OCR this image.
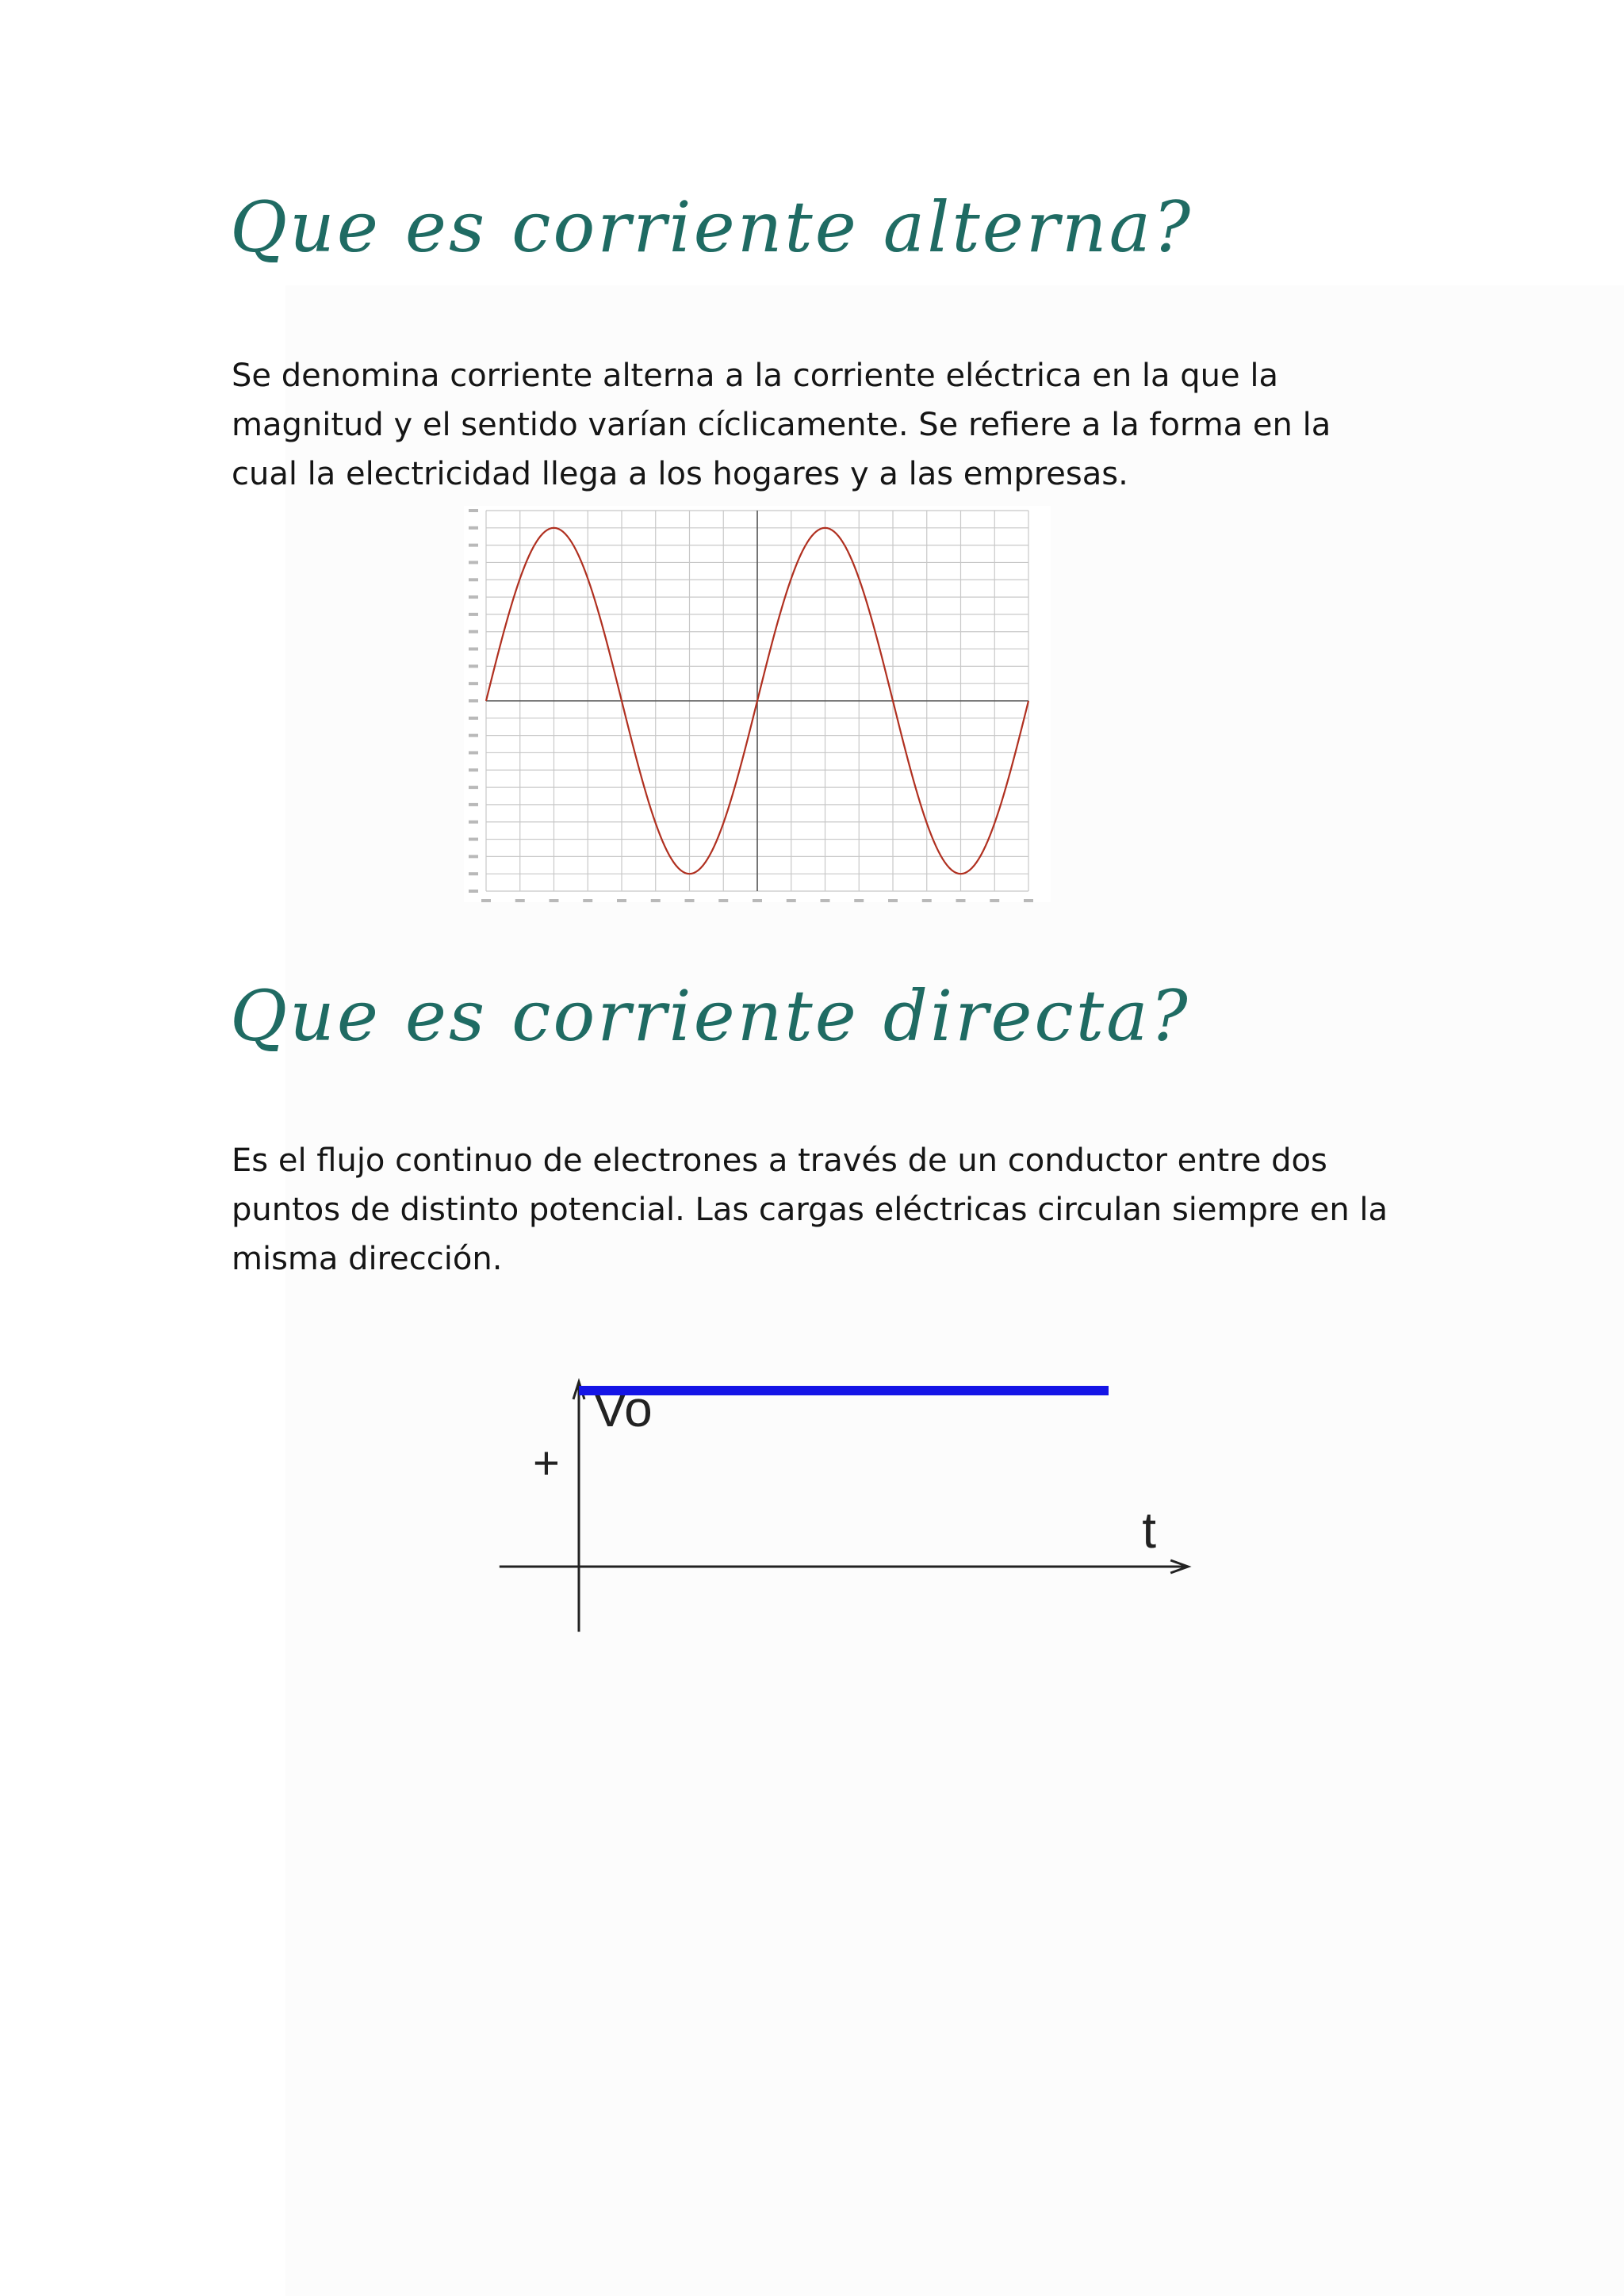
Que es corriente alterna?

Se denomina corriente alterna a la corriente eléctrica en la que la magnitud y el sentido varían cíclicamente. Se refiere a la forma en la cual la electricidad llega a los hogares y a las empresas.

Que es corriente directa?

Es el flujo continuo de electrones a través de un conductor entre dos puntos de distinto potencial. Las cargas eléctricas circulan siempre en la misma dirección.

Vo
t
+
